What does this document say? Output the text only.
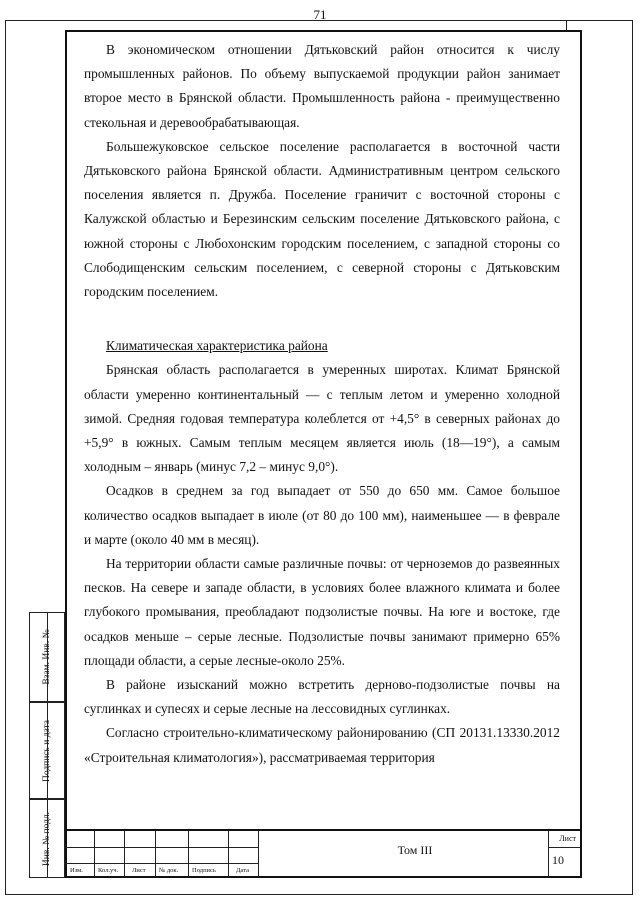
71
Взам. Инв. №
Подпись и дата
Инв. № подл.

В экономическом отношении Дятьковский район относится к числу промышленных районов. По объему выпускаемой продукции район занимает второе место в Брянской области. Промышленность района - преимущественно стекольная и деревообрабатывающая.

Большежуковское сельское поселение располагается в восточной части Дятьковского района Брянской области. Административным центром сельского поселения является п. Дружба. Поселение граничит с восточной стороны с Калужской областью и Березинским сельским поселение Дятьковского района, с южной стороны с Любохонским городским поселением, с западной стороны со Слободищенским сельским поселением, с северной стороны с Дятьковским городским поселением.

Климатическая характеристика района

Брянская область располагается в умеренных широтах. Климат Брянской области умеренно континентальный — с теплым летом и умеренно холодной зимой. Средняя годовая температура колеблется от +4,5° в северных районах до +5,9° в южных. Самым теплым месяцем является июль (18—19°), а самым холодным – январь (минус 7,2 – минус 9,0°).

Осадков в среднем за год выпадает от 550 до 650 мм. Самое большое количество осадков выпадает в июле (от 80 до 100 мм), наименьшее — в феврале и марте (около 40 мм в месяц).

На территории области самые различные почвы: от черноземов до развеянных песков. На севере и западе области, в условиях более влажного климата и более глубокого промывания, преобладают подзолистые почвы. На юге и востоке, где осадков меньше – серые лесные. Подзолистые почвы занимают примерно 65% площади области, а серые лесные-около 25%.

В районе изысканий можно встретить дерново-подзолистые почвы на суглинках и супесях и серые лесные на лессовидных суглинках.

Согласно строительно-климатическому районированию (СП 20131.13330.2012 «Строительная климатология»), рассматриваемая территория

Изм. Кол.уч. Лист № док. Подпись	Дата
Том III
Лист
10
